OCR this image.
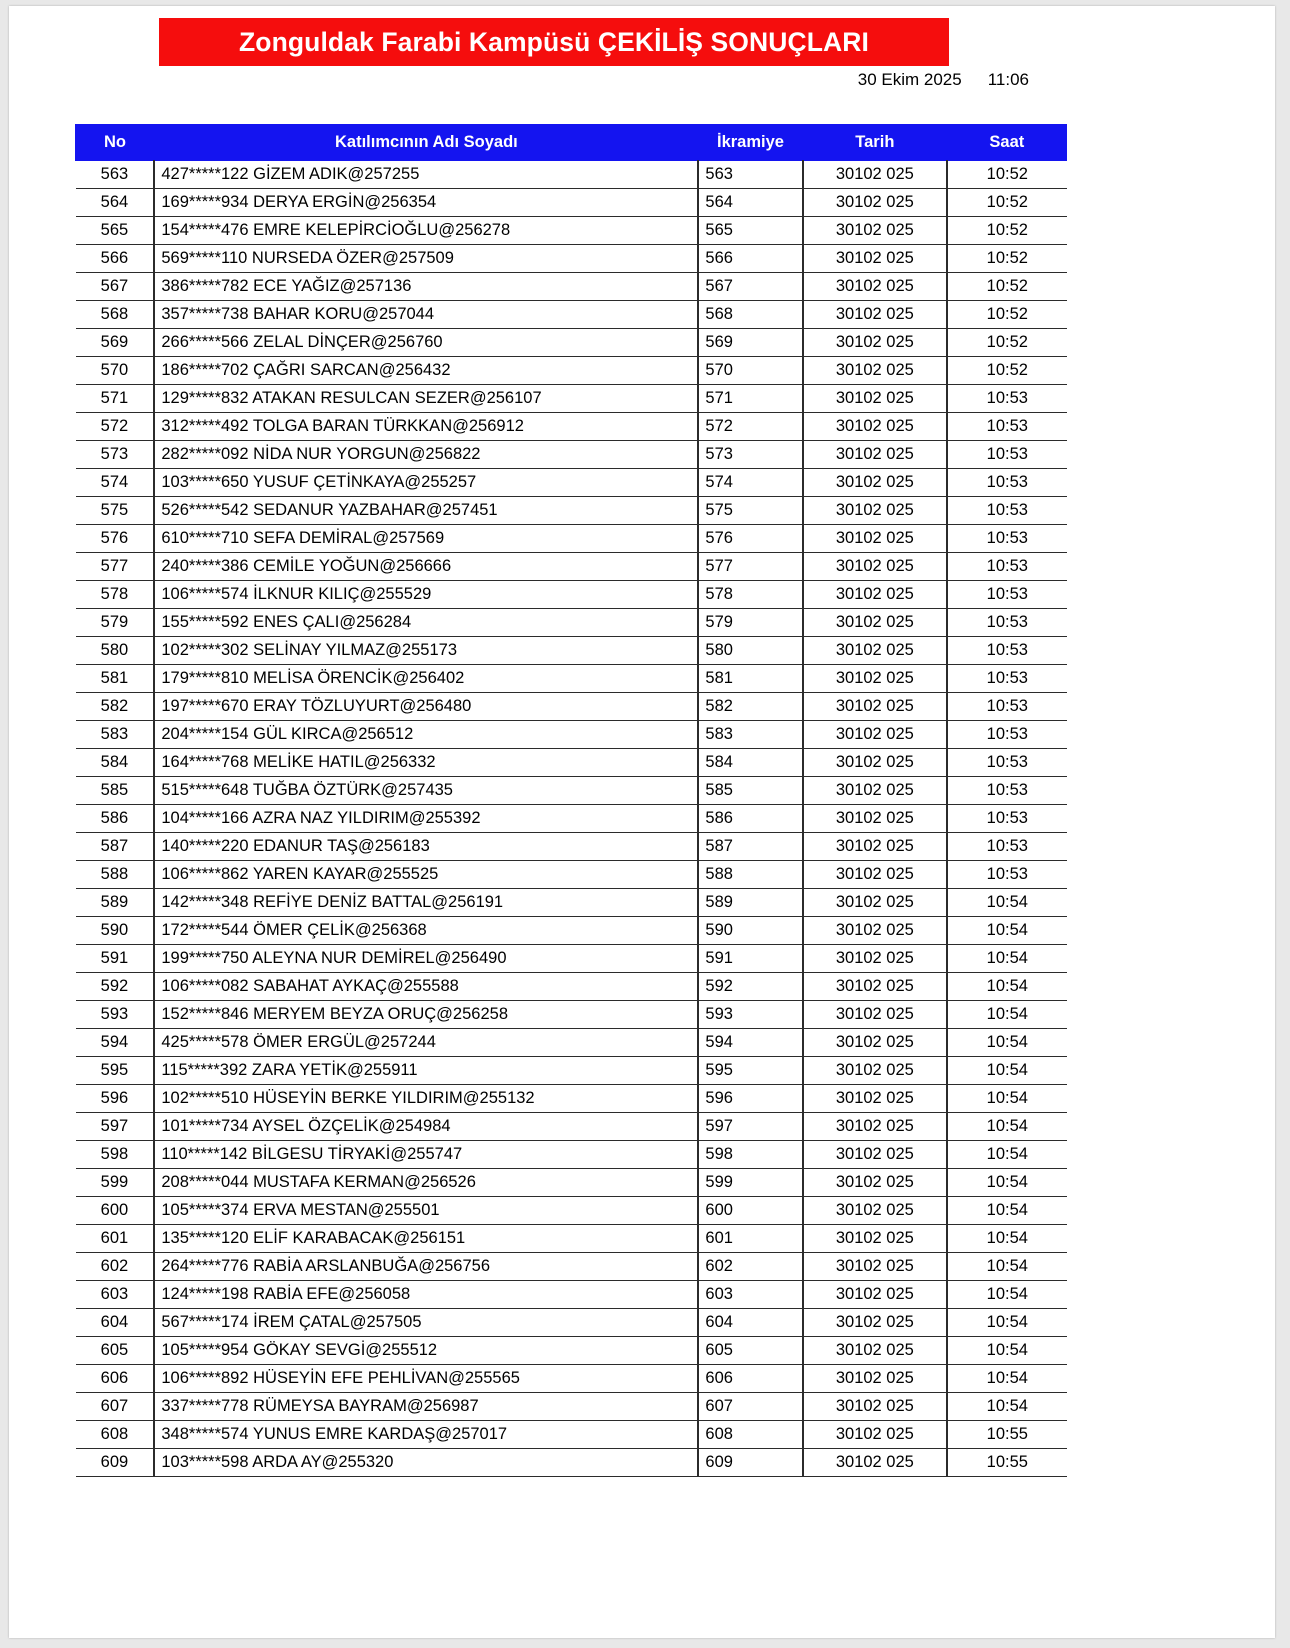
Zonguldak Farabi Kampüsü ÇEKİLİŞ SONUÇLARI
30 Ekim 2025 11:06
No	Katılımcının Adı Soyadı	İkramiye	Tarih	Saat
563	427*****122 GİZEM ADIK@257255	563	30102 025	10:52
564	169*****934 DERYA ERGİN@256354	564	30102 025	10:52
565	154*****476 EMRE KELEPİRCİOĞLU@256278	565	30102 025	10:52
566	569*****110 NURSEDA ÖZER@257509	566	30102 025	10:52
567	386*****782 ECE YAĞIZ@257136	567	30102 025	10:52
568	357*****738 BAHAR KORU@257044	568	30102 025	10:52
569	266*****566 ZELAL DİNÇER@256760	569	30102 025	10:52
570	186*****702 ÇAĞRI SARCAN@256432	570	30102 025	10:52
571	129*****832 ATAKAN RESULCAN SEZER@256107	571	30102 025	10:53
572	312*****492 TOLGA BARAN TÜRKKAN@256912	572	30102 025	10:53
573	282*****092 NİDA NUR YORGUN@256822	573	30102 025	10:53
574	103*****650 YUSUF ÇETİNKAYA@255257	574	30102 025	10:53
575	526*****542 SEDANUR YAZBAHAR@257451	575	30102 025	10:53
576	610*****710 SEFA DEMİRAL@257569	576	30102 025	10:53
577	240*****386 CEMİLE YOĞUN@256666	577	30102 025	10:53
578	106*****574 İLKNUR KILIÇ@255529	578	30102 025	10:53
579	155*****592 ENES ÇALI@256284	579	30102 025	10:53
580	102*****302 SELİNAY YILMAZ@255173	580	30102 025	10:53
581	179*****810 MELİSA ÖRENCİK@256402	581	30102 025	10:53
582	197*****670 ERAY TÖZLUYURT@256480	582	30102 025	10:53
583	204*****154 GÜL KIRCA@256512	583	30102 025	10:53
584	164*****768 MELİKE HATIL@256332	584	30102 025	10:53
585	515*****648 TUĞBA ÖZTÜRK@257435	585	30102 025	10:53
586	104*****166 AZRA NAZ YILDIRIM@255392	586	30102 025	10:53
587	140*****220 EDANUR TAŞ@256183	587	30102 025	10:53
588	106*****862 YAREN KAYAR@255525	588	30102 025	10:53
589	142*****348 REFİYE DENİZ BATTAL@256191	589	30102 025	10:54
590	172*****544 ÖMER ÇELİK@256368	590	30102 025	10:54
591	199*****750 ALEYNA NUR DEMİREL@256490	591	30102 025	10:54
592	106*****082 SABAHAT AYKAÇ@255588	592	30102 025	10:54
593	152*****846 MERYEM BEYZA ORUÇ@256258	593	30102 025	10:54
594	425*****578 ÖMER ERGÜL@257244	594	30102 025	10:54
595	115*****392 ZARA YETİK@255911	595	30102 025	10:54
596	102*****510 HÜSEYİN BERKE YILDIRIM@255132	596	30102 025	10:54
597	101*****734 AYSEL ÖZÇELİK@254984	597	30102 025	10:54
598	110*****142 BİLGESU TİRYAKİ@255747	598	30102 025	10:54
599	208*****044 MUSTAFA KERMAN@256526	599	30102 025	10:54
600	105*****374 ERVA MESTAN@255501	600	30102 025	10:54
601	135*****120 ELİF KARABACAK@256151	601	30102 025	10:54
602	264*****776 RABİA ARSLANBUĞA@256756	602	30102 025	10:54
603	124*****198 RABİA EFE@256058	603	30102 025	10:54
604	567*****174 İREM ÇATAL@257505	604	30102 025	10:54
605	105*****954 GÖKAY SEVGİ@255512	605	30102 025	10:54
606	106*****892 HÜSEYİN EFE PEHLİVAN@255565	606	30102 025	10:54
607	337*****778 RÜMEYSA BAYRAM@256987	607	30102 025	10:54
608	348*****574 YUNUS EMRE KARDAŞ@257017	608	30102 025	10:55
609	103*****598 ARDA AY@255320	609	30102 025	10:55
